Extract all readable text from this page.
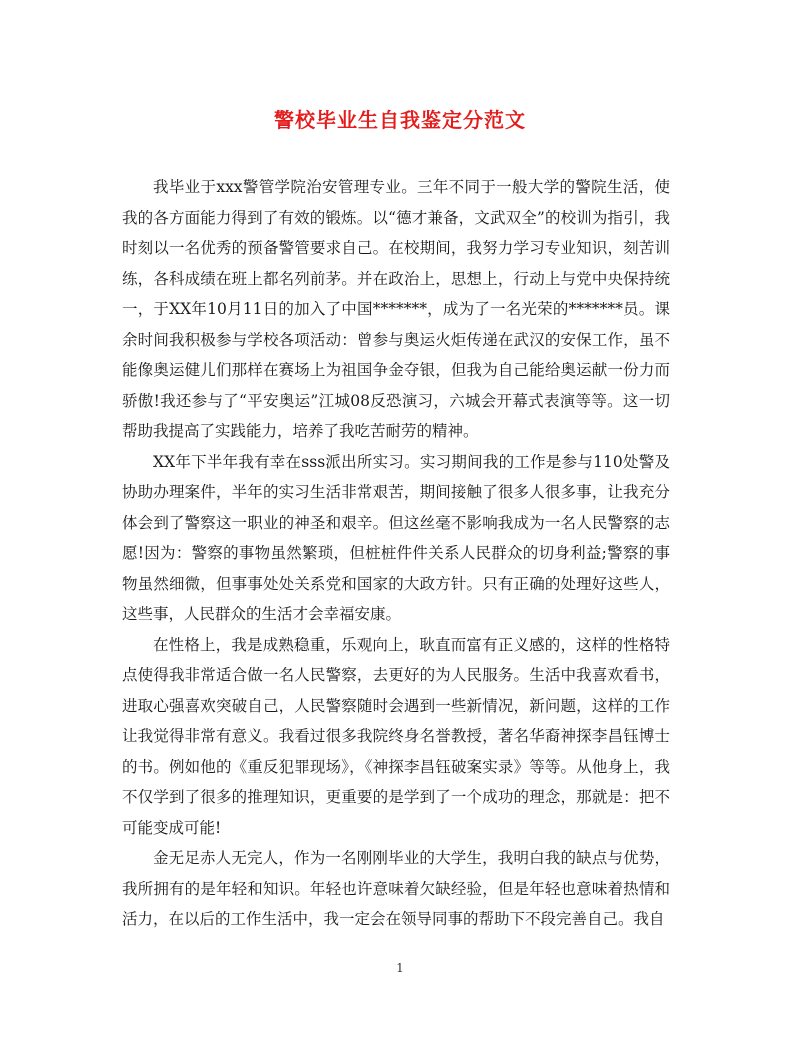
警校毕业生自我鉴定分范文

我毕业于xxx警管学院治安管理专业。三年不同于一般大学的警院生活，使我的各方面能力得到了有效的锻炼。以“德才兼备，文武双全”的校训为指引，我时刻以一名优秀的预备警管要求自己。在校期间，我努力学习专业知识，刻苦训练，各科成绩在班上都名列前茅。并在政治上，思想上，行动上与党中央保持统一，于XX年10月11日的加入了中国*******，成为了一名光荣的*******员。课余时间我积极参与学校各项活动：曾参与奥运火炬传递在武汉的安保工作，虽不能像奥运健儿们那样在赛场上为祖国争金夺银，但我为自己能给奥运献一份力而骄傲!我还参与了“平安奥运”江城08反恐演习，六城会开幕式表演等等。这一切帮助我提高了实践能力，培养了我吃苦耐劳的精神。

XX年下半年我有幸在sss派出所实习。实习期间我的工作是参与110处警及协助办理案件，半年的实习生活非常艰苦，期间接触了很多人很多事，让我充分体会到了警察这一职业的神圣和艰辛。但这丝毫不影响我成为一名人民警察的志愿!因为：警察的事物虽然繁琐，但桩桩件件关系人民群众的切身利益;警察的事物虽然细微，但事事处处关系党和国家的大政方针。只有正确的处理好这些人，这些事，人民群众的生活才会幸福安康。

在性格上，我是成熟稳重，乐观向上，耿直而富有正义感的，这样的性格特点使得我非常适合做一名人民警察，去更好的为人民服务。生活中我喜欢看书，进取心强喜欢突破自己，人民警察随时会遇到一些新情况，新问题，这样的工作让我觉得非常有意义。我看过很多我院终身名誉教授，著名华裔神探李昌钰博士的书。例如他的《重反犯罪现场》，《神探李昌钰破案实录》等等。从他身上，我不仅学到了很多的推理知识，更重要的是学到了一个成功的理念，那就是：把不可能变成可能!

金无足赤人无完人，作为一名刚刚毕业的大学生，我明白我的缺点与优势，我所拥有的是年轻和知识。年轻也许意味着欠缺经验，但是年轻也意味着热情和活力，在以后的工作生活中，我一定会在领导同事的帮助下不段完善自己。我自

1
